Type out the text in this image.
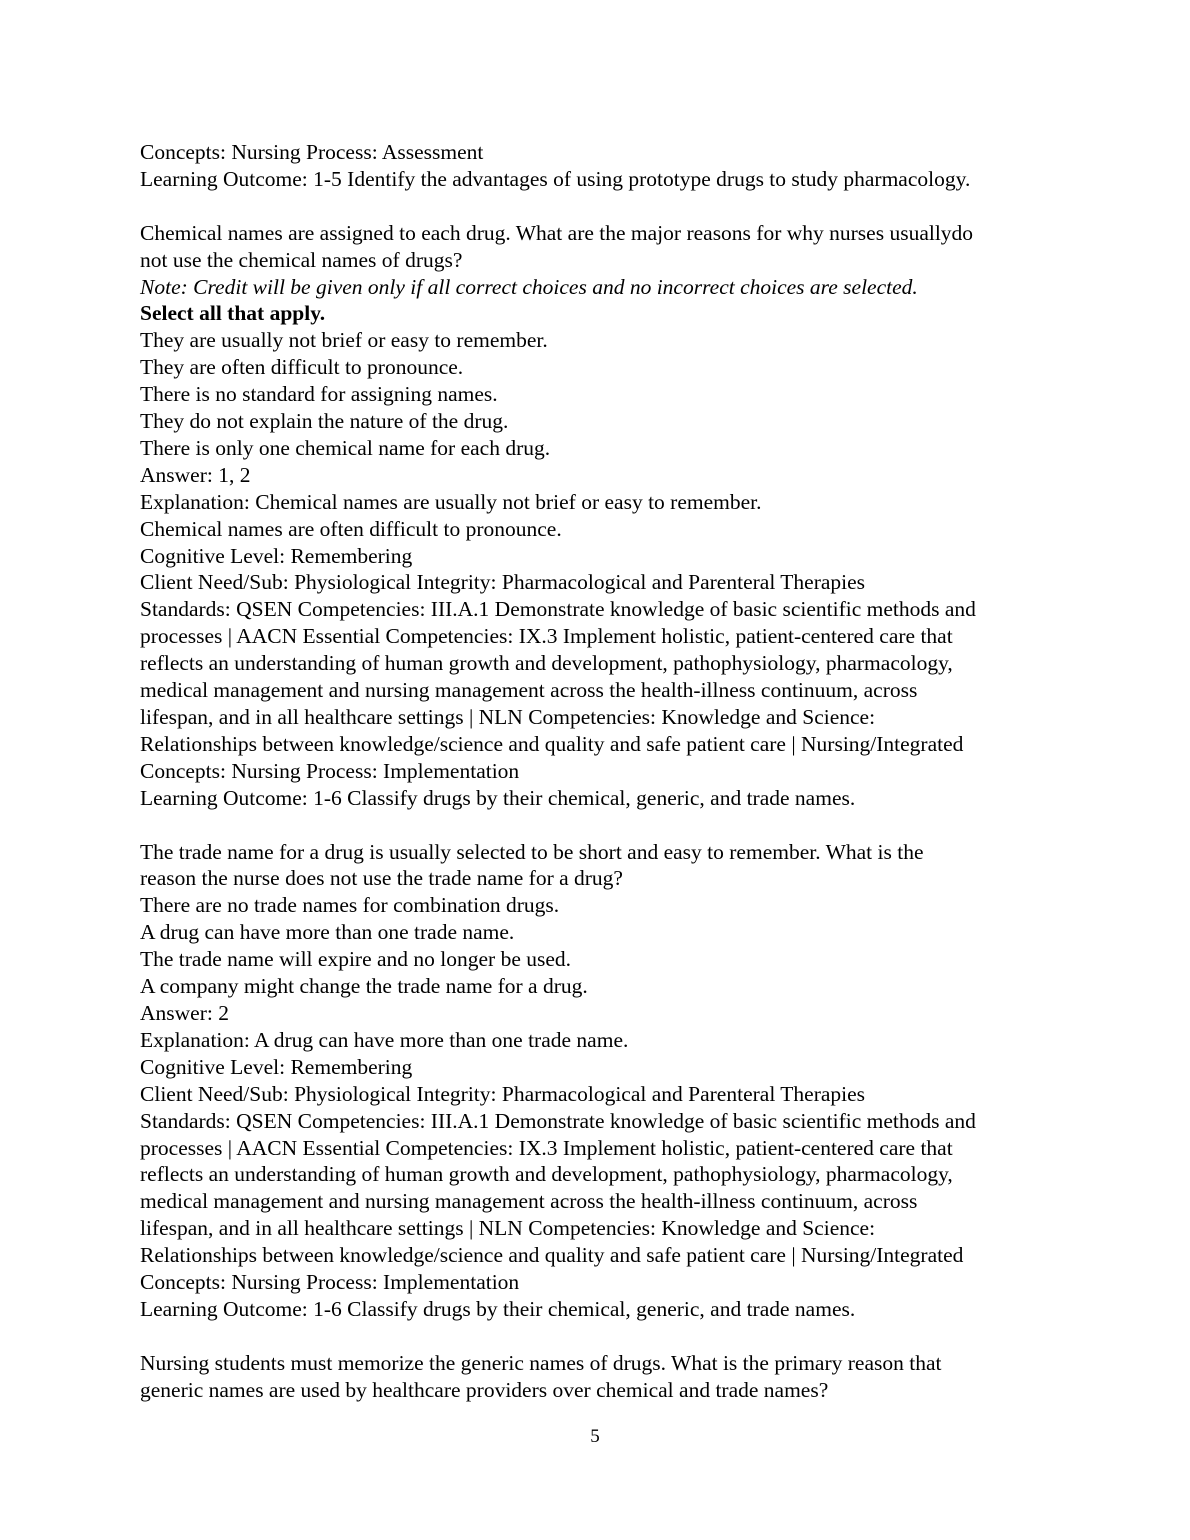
Concepts: Nursing Process: Assessment
Learning Outcome: 1-5 Identify the advantages of using prototype drugs to study pharmacology.
Chemical names are assigned to each drug. What are the major reasons for why nurses usuallydo
not use the chemical names of drugs?
Note: Credit will be given only if all correct choices and no incorrect choices are selected.
Select all that apply.
They are usually not brief or easy to remember.
They are often difficult to pronounce.
There is no standard for assigning names.
They do not explain the nature of the drug.
There is only one chemical name for each drug.
Answer: 1, 2
Explanation: Chemical names are usually not brief or easy to remember.
Chemical names are often difficult to pronounce.
Cognitive Level: Remembering
Client Need/Sub: Physiological Integrity: Pharmacological and Parenteral Therapies
Standards: QSEN Competencies: III.A.1 Demonstrate knowledge of basic scientific methods and
processes | AACN Essential Competencies: IX.3 Implement holistic, patient-centered care that
reflects an understanding of human growth and development, pathophysiology, pharmacology,
medical management and nursing management across the health-illness continuum, across
lifespan, and in all healthcare settings | NLN Competencies: Knowledge and Science:
Relationships between knowledge/science and quality and safe patient care | Nursing/Integrated
Concepts: Nursing Process: Implementation
Learning Outcome: 1-6 Classify drugs by their chemical, generic, and trade names.
The trade name for a drug is usually selected to be short and easy to remember. What is the
reason the nurse does not use the trade name for a drug?
There are no trade names for combination drugs.
A drug can have more than one trade name.
The trade name will expire and no longer be used.
A company might change the trade name for a drug.
Answer: 2
Explanation: A drug can have more than one trade name.
Cognitive Level: Remembering
Client Need/Sub: Physiological Integrity: Pharmacological and Parenteral Therapies
Standards: QSEN Competencies: III.A.1 Demonstrate knowledge of basic scientific methods and
processes | AACN Essential Competencies: IX.3 Implement holistic, patient-centered care that
reflects an understanding of human growth and development, pathophysiology, pharmacology,
medical management and nursing management across the health-illness continuum, across
lifespan, and in all healthcare settings | NLN Competencies: Knowledge and Science:
Relationships between knowledge/science and quality and safe patient care | Nursing/Integrated
Concepts: Nursing Process: Implementation
Learning Outcome: 1-6 Classify drugs by their chemical, generic, and trade names.
Nursing students must memorize the generic names of drugs. What is the primary reason that
generic names are used by healthcare providers over chemical and trade names?
5
